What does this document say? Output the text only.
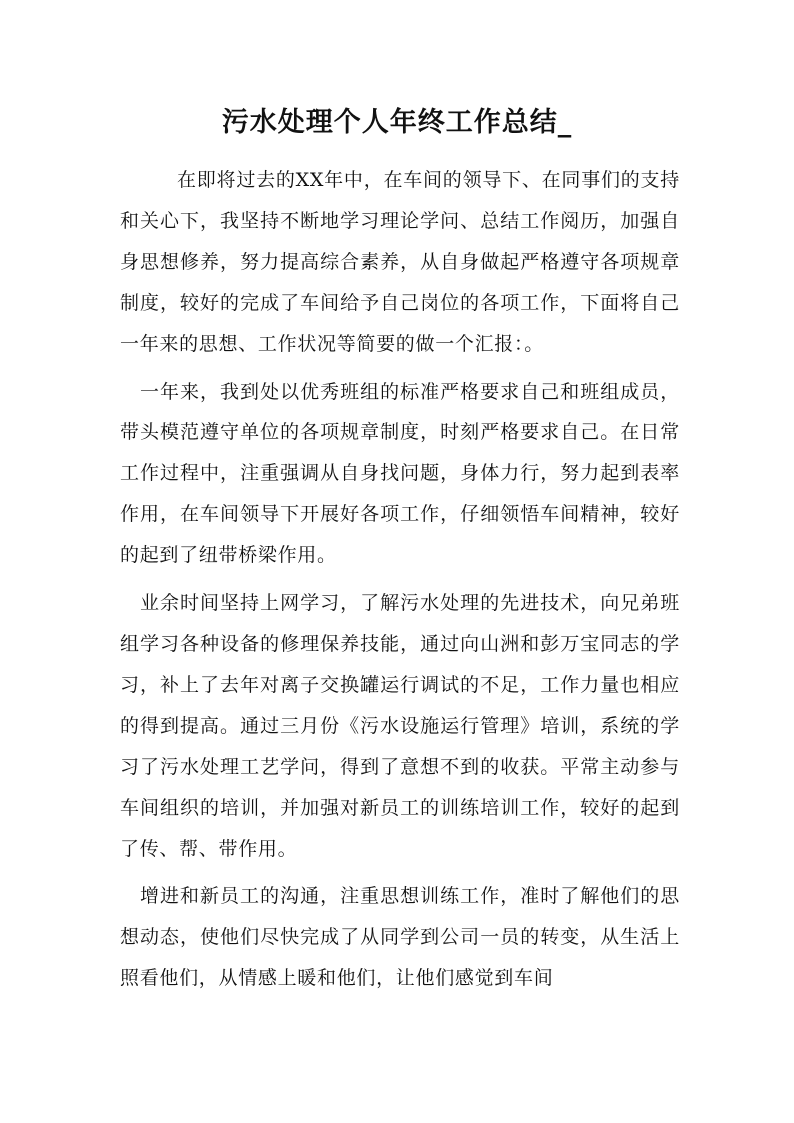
污水处理个人年终工作总结_

在即将过去的XX年中，在车间的领导下、在同事们的支持和关心下，我坚持不断地学习理论学问、总结工作阅历，加强自身思想修养，努力提高综合素养，从自身做起严格遵守各项规章制度，较好的完成了车间给予自己岗位的各项工作，下面将自己一年来的思想、工作状况等简要的做一个汇报：。

一年来，我到处以优秀班组的标准严格要求自己和班组成员，带头模范遵守单位的各项规章制度，时刻严格要求自己。在日常工作过程中，注重强调从自身找问题，身体力行，努力起到表率作用，在车间领导下开展好各项工作，仔细领悟车间精神，较好的起到了纽带桥梁作用。

业余时间坚持上网学习，了解污水处理的先进技术，向兄弟班组学习各种设备的修理保养技能，通过向山洲和彭万宝同志的学习，补上了去年对离子交换罐运行调试的不足，工作力量也相应的得到提高。通过三月份《污水设施运行管理》培训，系统的学习了污水处理工艺学问，得到了意想不到的收获。平常主动参与车间组织的培训，并加强对新员工的训练培训工作，较好的起到了传、帮、带作用。

增进和新员工的沟通，注重思想训练工作，准时了解他们的思想动态，使他们尽快完成了从同学到公司一员的转变，从生活上照看他们，从情感上暖和他们，让他们感觉到车间
